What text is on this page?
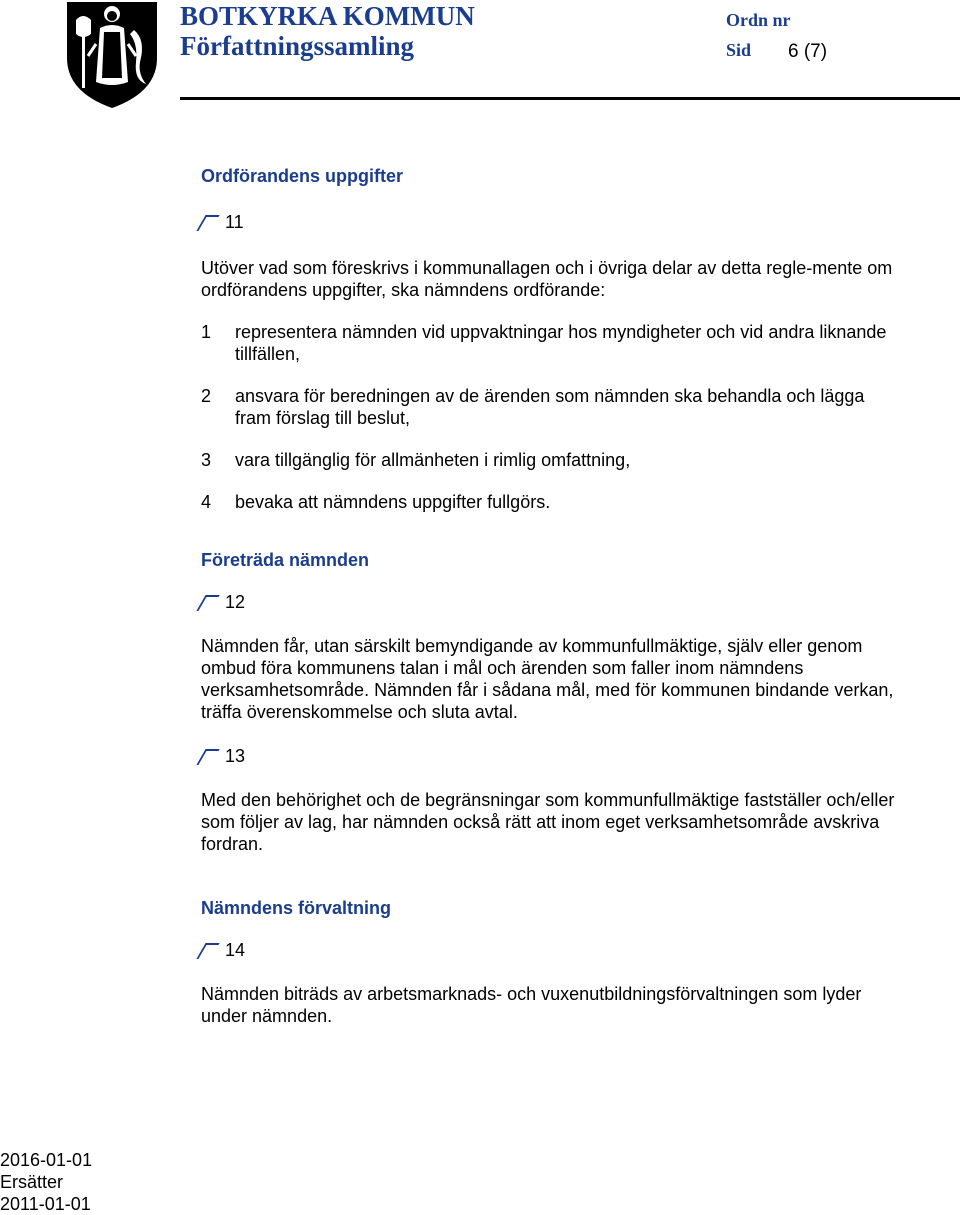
BOTKYRKA KOMMUN
Författningssamling
Ordn nr
Sid 6 (7)
Ordförandens uppgifter
11

Utöver vad som föreskrivs i kommunallagen och i övriga delar av detta regle-mente om ordförandens uppgifter, ska nämndens ordförande:

1	representera nämnden vid uppvaktningar hos myndigheter och vid andra liknande tillfällen,
2	ansvara för beredningen av de ärenden som nämnden ska behandla och lägga fram förslag till beslut,
3	vara tillgänglig för allmänheten i rimlig omfattning,
4	bevaka att nämndens uppgifter fullgörs.
Företräda nämnden
12

Nämnden får, utan särskilt bemyndigande av kommunfullmäktige, själv eller genom ombud föra kommunens talan i mål och ärenden som faller inom nämndens verksamhetsområde. Nämnden får i sådana mål, med för kommunen bindande verkan, träffa överenskommelse och sluta avtal.

13

Med den behörighet och de begränsningar som kommunfullmäktige fastställer och/eller som följer av lag, har nämnden också rätt att inom eget verksamhetsområde avskriva fordran.

Nämndens förvaltning
14

Nämnden biträds av arbetsmarknads- och vuxenutbildningsförvaltningen som lyder under nämnden.

2016-01-01
Ersätter
2011-01-01
